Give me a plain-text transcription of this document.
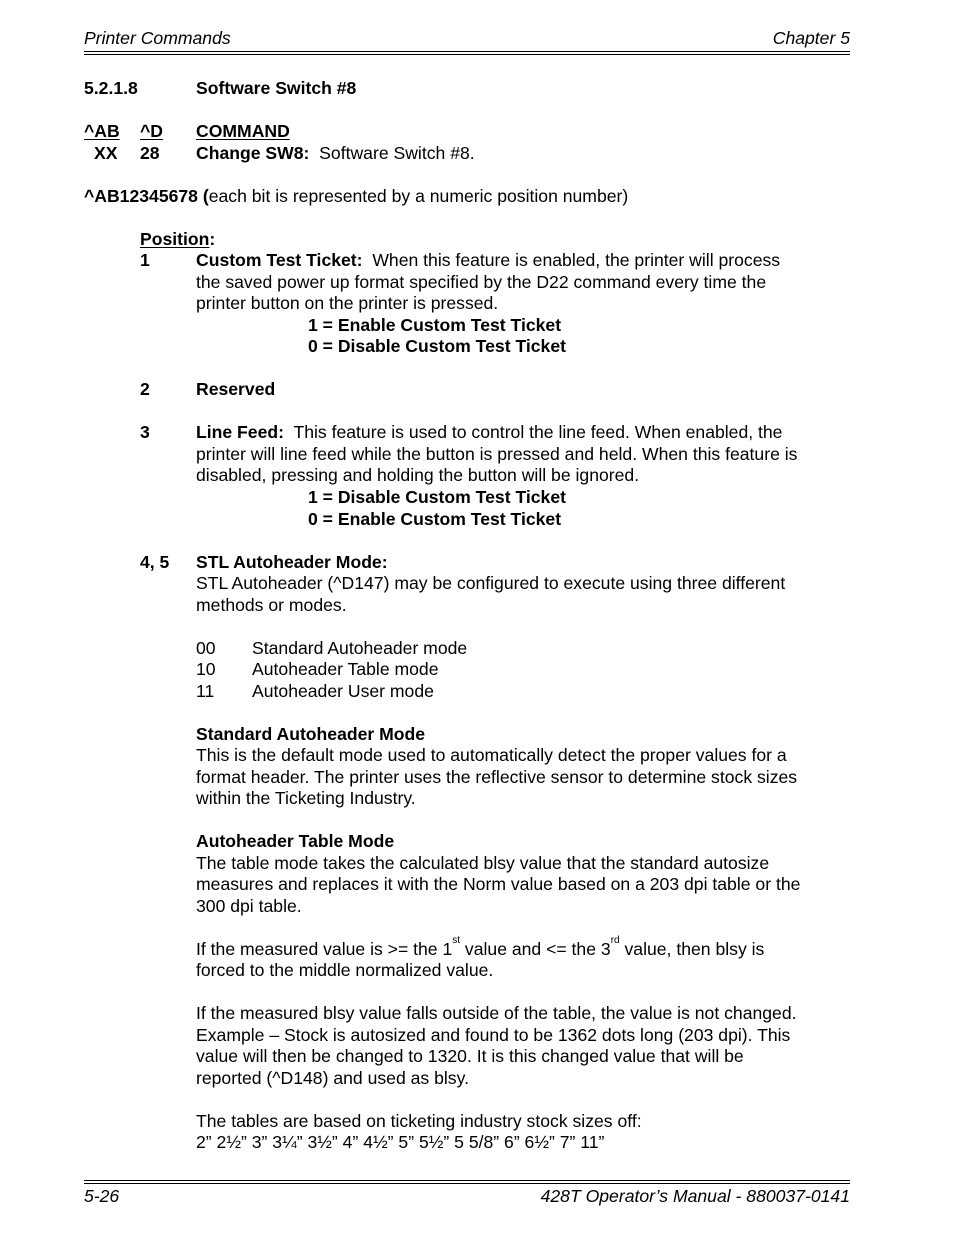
Printer Commands	Chapter 5
5.2.1.8	Software Switch #8
^AB ^D COMMAND
XX 28 Change SW8: Software Switch #8.
^AB12345678 (each bit is represented by a numeric position number)
Position:
1	Custom Test Ticket: When this feature is enabled, the printer will process
the saved power up format specified by the D22 command every time the
printer button on the printer is pressed.
1 = Enable Custom Test Ticket
0 = Disable Custom Test Ticket
2	Reserved
3	Line Feed: This feature is used to control the line feed. When enabled, the
printer will line feed while the button is pressed and held. When this feature is
disabled, pressing and holding the button will be ignored.
1 = Disable Custom Test Ticket
0 = Enable Custom Test Ticket
4, 5 STL Autoheader Mode:
STL Autoheader (^D147) may be configured to execute using three different
methods or modes.
00 Standard Autoheader mode
10 Autoheader Table mode
11 Autoheader User mode
Standard Autoheader Mode
This is the default mode used to automatically detect the proper values for a
format header. The printer uses the reflective sensor to determine stock sizes
within the Ticketing Industry.
Autoheader Table Mode
The table mode takes the calculated blsy value that the standard autosize
measures and replaces it with the Norm value based on a 203 dpi table or the
300 dpi table.
If the measured value is >= the 1st value and <= the 3rd value, then blsy is
forced to the middle normalized value.
If the measured blsy value falls outside of the table, the value is not changed.
Example – Stock is autosized and found to be 1362 dots long (203 dpi). This
value will then be changed to 1320. It is this changed value that will be
reported (^D148) and used as blsy.
The tables are based on ticketing industry stock sizes off:
2” 2½” 3” 3¼” 3½” 4” 4½” 5” 5½” 5 5/8” 6” 6½” 7” 11”
5-26	428T Operator’s Manual - 880037-0141
